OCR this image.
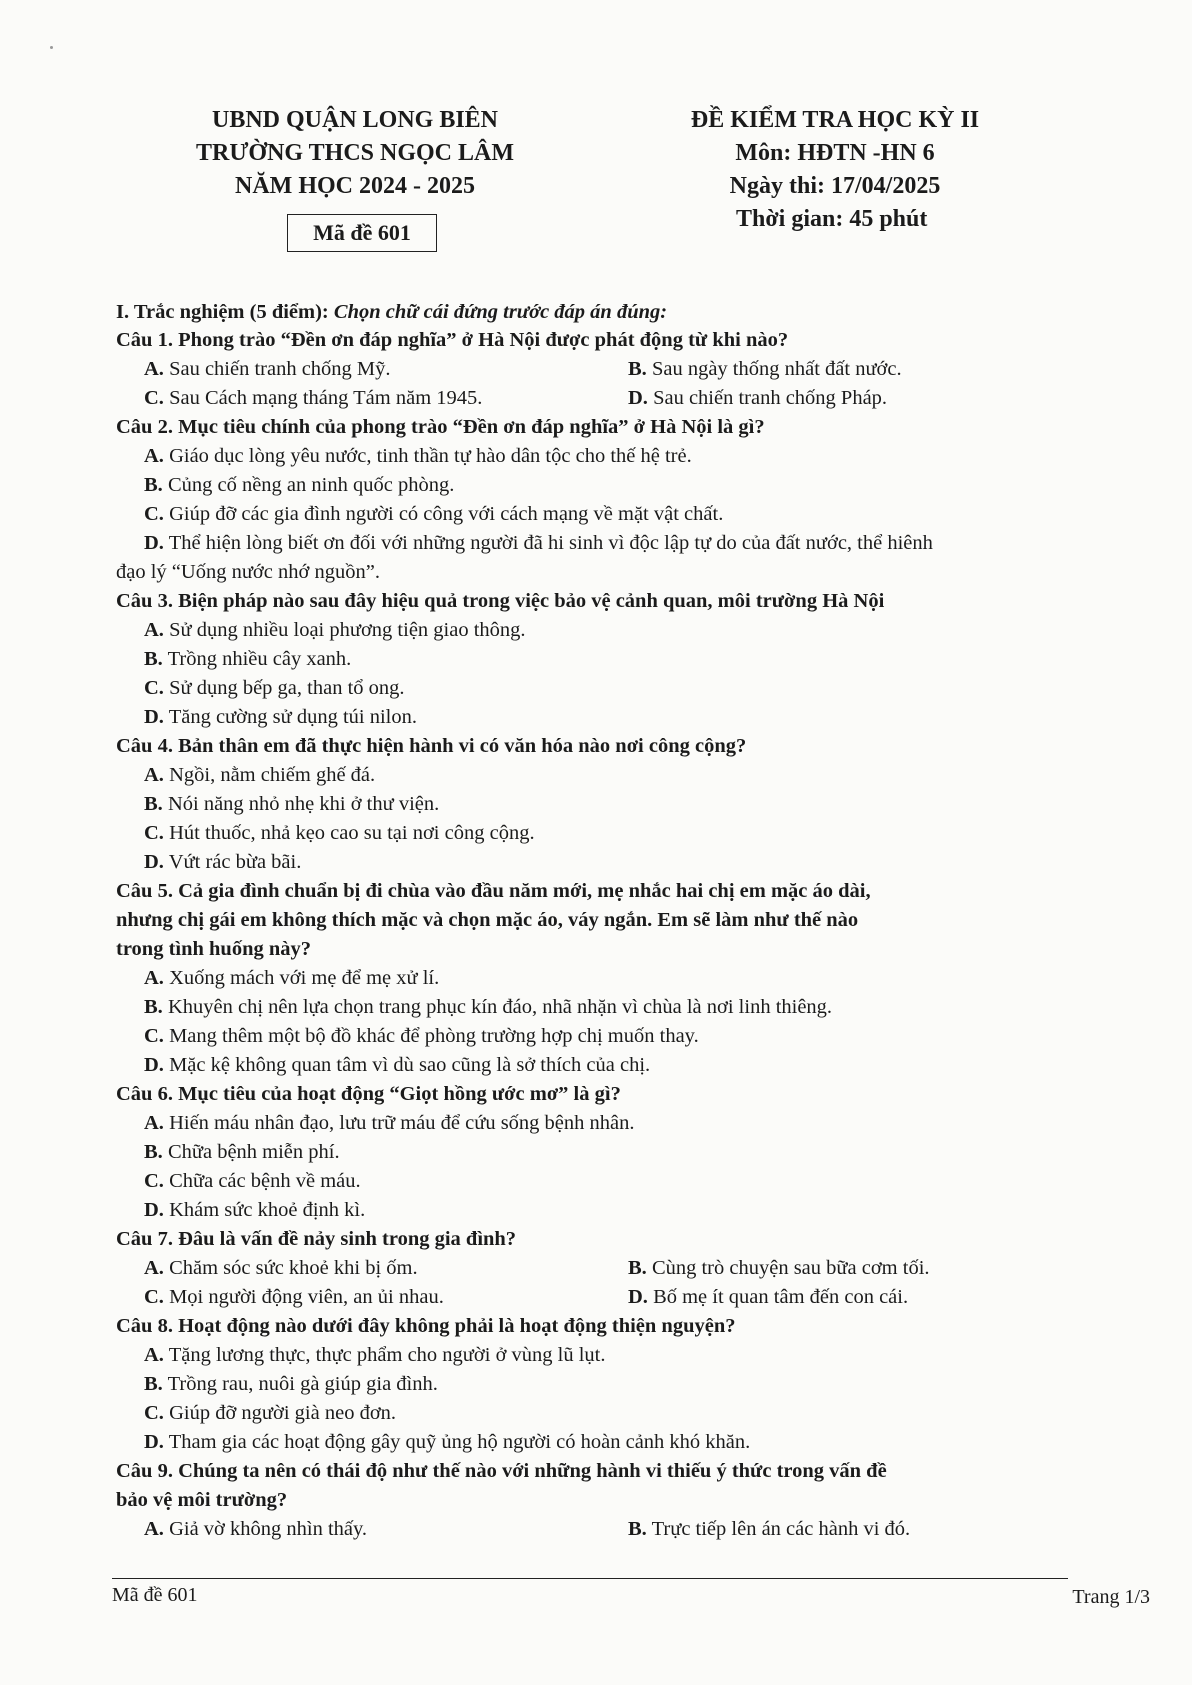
UBND QUẬN LONG BIÊN
TRƯỜNG THCS NGỌC LÂM
NĂM HỌC 2024 - 2025
ĐỀ KIỂM TRA HỌC KỲ II
Môn: HĐTN -HN 6
Ngày thi: 17/04/2025
Thời gian: 45 phút
Mã đề 601
I. Trắc nghiệm (5 điểm): Chọn chữ cái đứng trước đáp án đúng:
Câu 1. Phong trào “Đền ơn đáp nghĩa” ở Hà Nội được phát động từ khi nào?
A. Sau chiến tranh chống Mỹ.	B. Sau ngày thống nhất đất nước.
C. Sau Cách mạng tháng Tám năm 1945.	D. Sau chiến tranh chống Pháp.
Câu 2. Mục tiêu chính của phong trào “Đền ơn đáp nghĩa” ở Hà Nội là gì?
A. Giáo dục lòng yêu nước, tinh thần tự hào dân tộc cho thế hệ trẻ.
B. Củng cố nềng an ninh quốc phòng.
C. Giúp đỡ các gia đình người có công với cách mạng về mặt vật chất.
D. Thể hiện lòng biết ơn đối với những người đã hi sinh vì độc lập tự do của đất nước, thể hiênh
đạo lý “Uống nước nhớ nguồn”.
Câu 3. Biện pháp nào sau đây hiệu quả trong việc bảo vệ cảnh quan, môi trường Hà Nội
A. Sử dụng nhiều loại phương tiện giao thông.
B. Trồng nhiều cây xanh.
C. Sử dụng bếp ga, than tổ ong.
D. Tăng cường sử dụng túi nilon.
Câu 4. Bản thân em đã thực hiện hành vi có văn hóa nào nơi công cộng?
A. Ngồi, nằm chiếm ghế đá.
B. Nói năng nhỏ nhẹ khi ở thư viện.
C. Hút thuốc, nhả kẹo cao su tại nơi công cộng.
D. Vứt rác bừa bãi.
Câu 5. Cả gia đình chuẩn bị đi chùa vào đầu năm mới, mẹ nhắc hai chị em mặc áo dài,
nhưng chị gái em không thích mặc và chọn mặc áo, váy ngắn. Em sẽ làm như thế nào
trong tình huống này?
A. Xuống mách với mẹ để mẹ xử lí.
B. Khuyên chị nên lựa chọn trang phục kín đáo, nhã nhặn vì chùa là nơi linh thiêng.
C. Mang thêm một bộ đồ khác để phòng trường hợp chị muốn thay.
D. Mặc kệ không quan tâm vì dù sao cũng là sở thích của chị.
Câu 6. Mục tiêu của hoạt động “Giọt hồng ước mơ” là gì?
A. Hiến máu nhân đạo, lưu trữ máu để cứu sống bệnh nhân.
B. Chữa bệnh miễn phí.
C. Chữa các bệnh về máu.
D. Khám sức khoẻ định kì.
Câu 7. Đâu là vấn đề nảy sinh trong gia đình?
A. Chăm sóc sức khoẻ khi bị ốm.	B. Cùng trò chuyện sau bữa cơm tối.
C. Mọi người động viên, an ủi nhau.	D. Bố mẹ ít quan tâm đến con cái.
Câu 8. Hoạt động nào dưới đây không phải là hoạt động thiện nguyện?
A. Tặng lương thực, thực phẩm cho người ở vùng lũ lụt.
B. Trồng rau, nuôi gà giúp gia đình.
C. Giúp đỡ người già neo đơn.
D. Tham gia các hoạt động gây quỹ ủng hộ người có hoàn cảnh khó khăn.
Câu 9. Chúng ta nên có thái độ như thế nào với những hành vi thiếu ý thức trong vấn đề
bảo vệ môi trường?
A. Giả vờ không nhìn thấy.	B. Trực tiếp lên án các hành vi đó.
Mã đề 601	Trang 1/3
